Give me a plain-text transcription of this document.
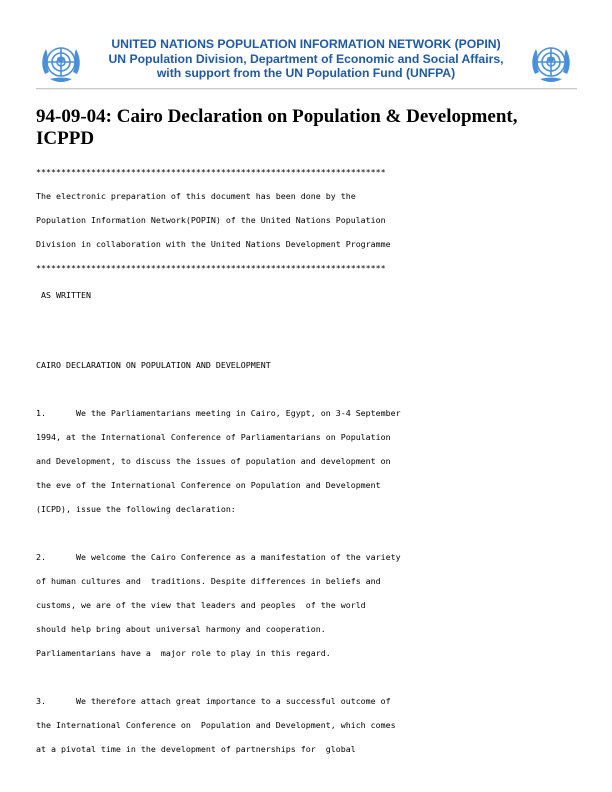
UNITED NATIONS POPULATION INFORMATION NETWORK (POPIN)
UN Population Division, Department of Economic and Social Affairs,
with support from the UN Population Fund (UNFPA)
94-09-04: Cairo Declaration on Population & Development, ICPPD
**********************************************************************
The electronic preparation of this document has been done by the
Population Information Network(POPIN) of the United Nations Population
Division in collaboration with the United Nations Development Programme
**********************************************************************
AS WRITTEN
CAIRO DECLARATION ON POPULATION AND DEVELOPMENT
1.      We the Parliamentarians meeting in Cairo, Egypt, on 3-4 September
1994, at the International Conference of Parliamentarians on Population
and Development, to discuss the issues of population and development on
the eve of the International Conference on Population and Development
(ICPD), issue the following declaration:
2.      We welcome the Cairo Conference as a manifestation of the variety
of human cultures and  traditions. Despite differences in beliefs and
customs, we are of the view that leaders and peoples  of the world
should help bring about universal harmony and cooperation.
Parliamentarians have a  major role to play in this regard.
3.      We therefore attach great importance to a successful outcome of
the International Conference on  Population and Development, which comes
at a pivotal time in the development of partnerships for  global
